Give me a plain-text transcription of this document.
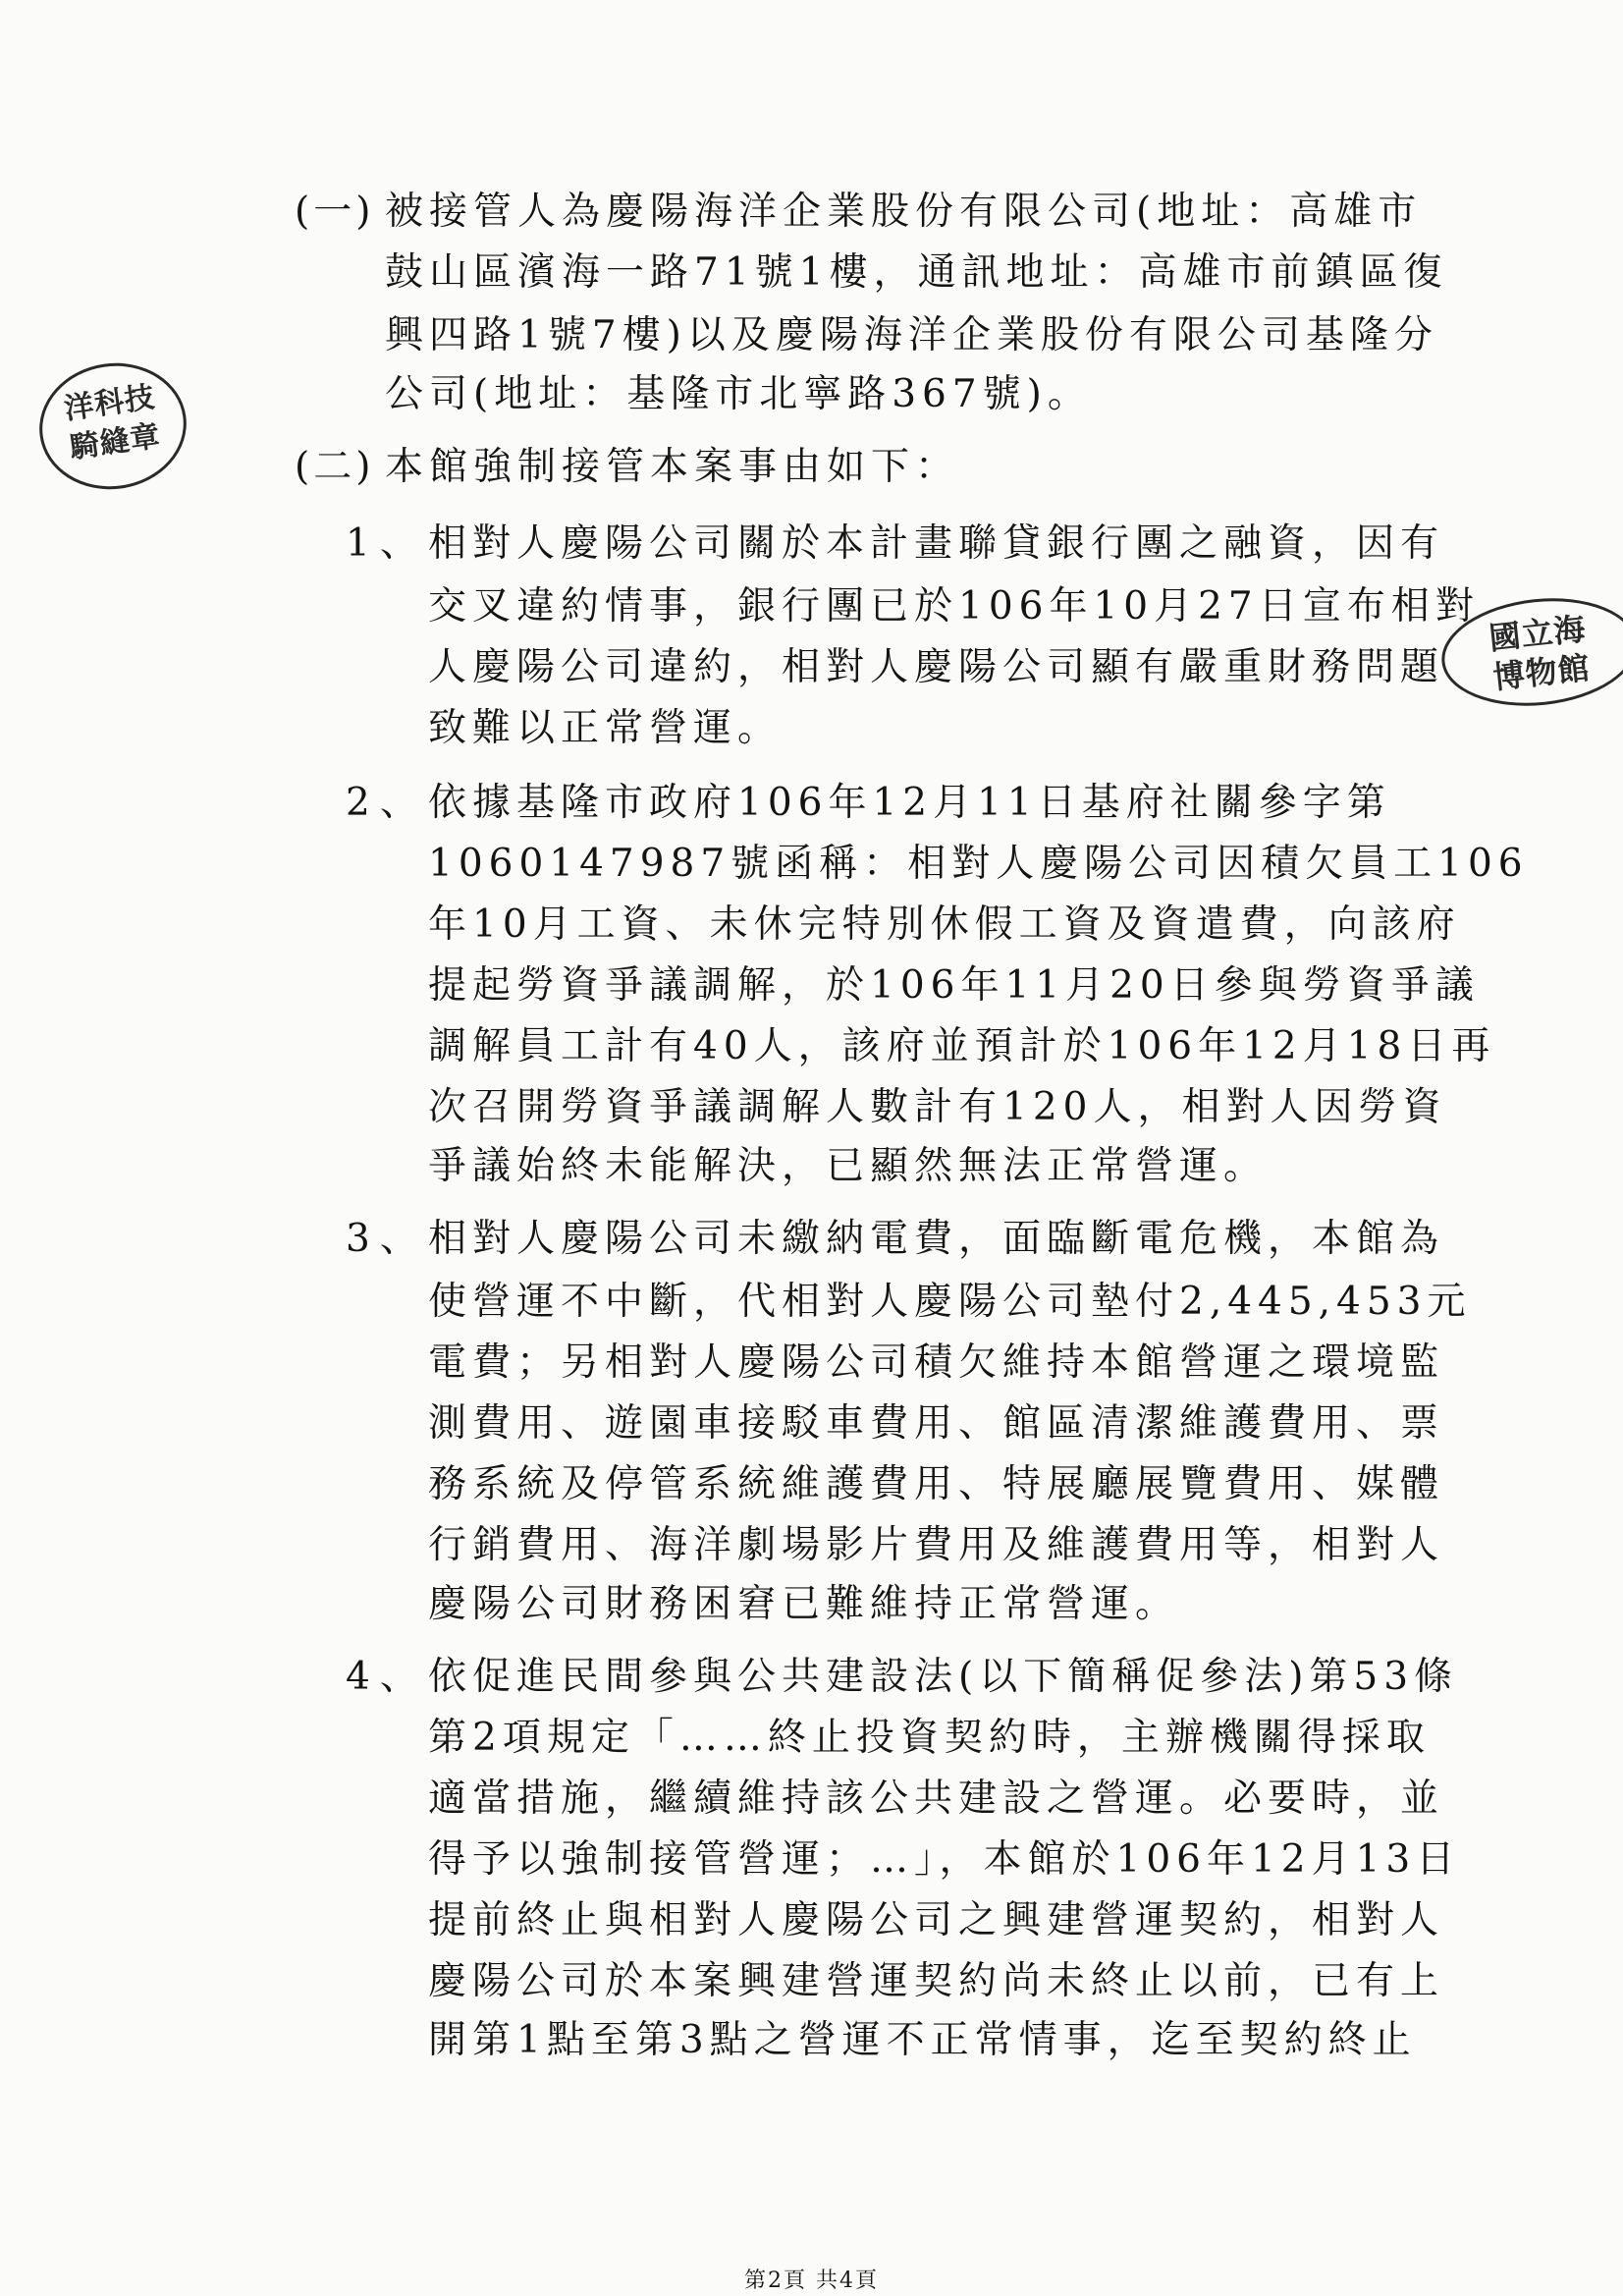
(一) 被接管人為慶陽海洋企業股份有限公司(地址：高雄市
鼓山區濱海一路71號1樓，通訊地址：高雄市前鎮區復
興四路1號7樓)以及慶陽海洋企業股份有限公司基隆分
公司(地址：基隆市北寧路367號)。
(二) 本館強制接管本案事由如下：
1、 相對人慶陽公司關於本計畫聯貸銀行團之融資，因有
交叉違約情事，銀行團已於106年10月27日宣布相對
人慶陽公司違約，相對人慶陽公司顯有嚴重財務問題
致難以正常營運。
2、 依據基隆市政府106年12月11日基府社關參字第
1060147987號函稱：相對人慶陽公司因積欠員工106
年10月工資、未休完特別休假工資及資遣費，向該府
提起勞資爭議調解，於106年11月20日參與勞資爭議
調解員工計有40人，該府並預計於106年12月18日再
次召開勞資爭議調解人數計有120人，相對人因勞資
爭議始終未能解決，已顯然無法正常營運。
3、 相對人慶陽公司未繳納電費，面臨斷電危機，本館為
使營運不中斷，代相對人慶陽公司墊付2,445,453元
電費；另相對人慶陽公司積欠維持本館營運之環境監
測費用、遊園車接駁車費用、館區清潔維護費用、票
務系統及停管系統維護費用、特展廳展覽費用、媒體
行銷費用、海洋劇場影片費用及維護費用等，相對人
慶陽公司財務困窘已難維持正常營運。
4、 依促進民間參與公共建設法(以下簡稱促參法)第53條
第2項規定「……終止投資契約時，主辦機關得採取
適當措施，繼續維持該公共建設之營運。必要時，並
得予以強制接管營運；…」，本館於106年12月13日
提前終止與相對人慶陽公司之興建營運契約，相對人
慶陽公司於本案興建營運契約尚未終止以前，已有上
開第1點至第3點之營運不正常情事，迄至契約終止
洋科技
騎縫章
國立海
博物館
第2頁 共4頁
